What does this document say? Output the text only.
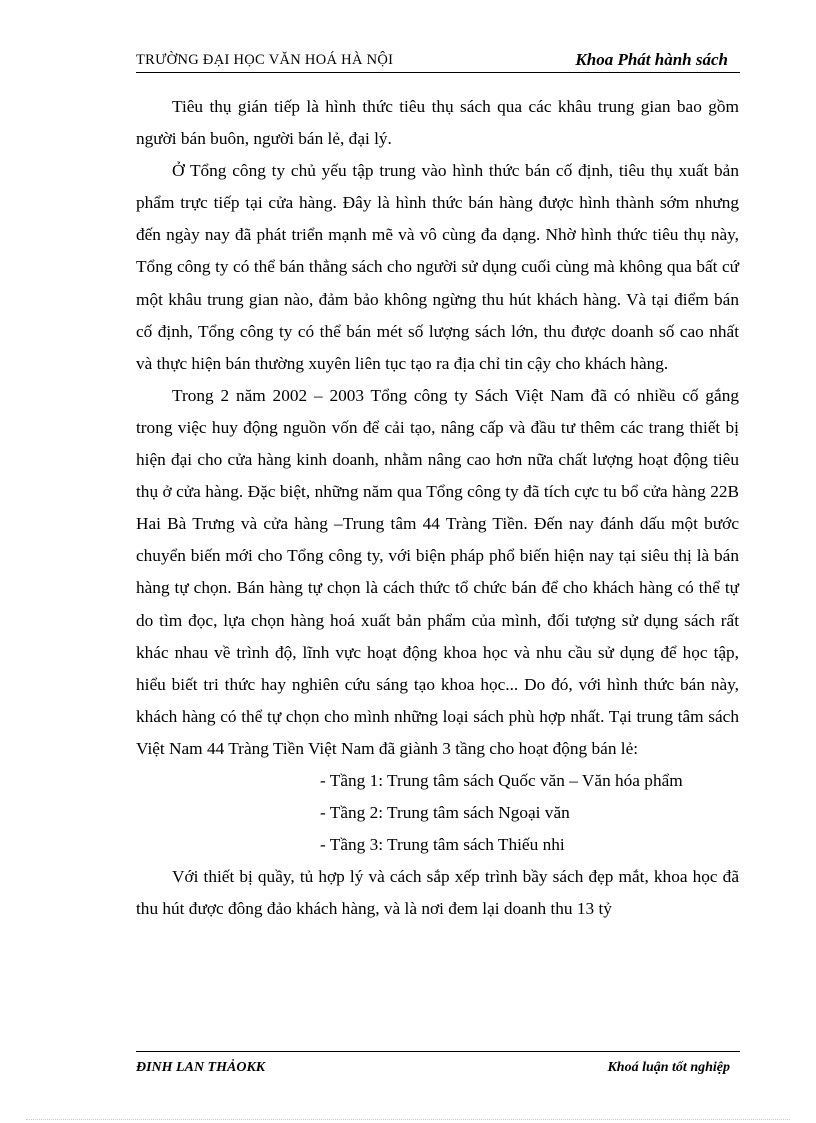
TRƯỜNG ĐẠI HỌC VĂN HOÁ HÀ NỘI	Khoa Phát hành sách

Tiêu thụ gián tiếp là hình thức tiêu thụ sách qua các khâu trung gian bao gồm người bán buôn, người bán lẻ, đại lý.

Ở Tổng công ty chủ yếu tập trung vào hình thức bán cố định, tiêu thụ xuất bản phẩm trực tiếp tại cửa hàng. Đây là hình thức bán hàng được hình thành sớm nhưng đến ngày nay đã phát triển mạnh mẽ và vô cùng đa dạng. Nhờ hình thức tiêu thụ này, Tổng công ty có thể bán thẳng sách cho người sử dụng cuối cùng mà không qua bất cứ một khâu trung gian nào, đảm bảo không ngừng thu hút khách hàng. Và tại điểm bán cố định, Tổng công ty có thể bán mét số lượng sách lớn, thu được doanh số cao nhất và thực hiện bán thường xuyên liên tục tạo ra địa chỉ tin cậy cho khách hàng.

Trong 2 năm 2002 – 2003 Tổng công ty Sách Việt Nam đã có nhiều cố gắng trong việc huy động nguồn vốn để cải tạo, nâng cấp và đầu tư thêm các trang thiết bị hiện đại cho cửa hàng kinh doanh, nhằm nâng cao hơn nữa chất lượng hoạt động tiêu thụ ở cửa hàng. Đặc biệt, những năm qua Tổng công ty đã tích cực tu bổ cửa hàng 22B Hai Bà Trưng và cửa hàng –Trung tâm 44 Tràng Tiền. Đến nay đánh dấu một bước chuyển biến mới cho Tổng công ty, với biện pháp phổ biến hiện nay tại siêu thị là bán hàng tự chọn. Bán hàng tự chọn là cách thức tổ chức bán để cho khách hàng có thể tự do tìm đọc, lựa chọn hàng hoá xuất bản phẩm của mình, đối tượng sử dụng sách rất khác nhau về trình độ, lĩnh vực hoạt động khoa học và nhu cầu sử dụng để học tập, hiểu biết tri thức hay nghiên cứu sáng tạo khoa học... Do đó, với hình thức bán này, khách hàng có thể tự chọn cho mình những loại sách phù hợp nhất. Tại trung tâm sách Việt Nam 44 Tràng Tiền Việt Nam đã giành 3 tầng cho hoạt động bán lẻ:

- Tầng 1: Trung tâm sách Quốc văn – Văn hóa phẩm

- Tầng 2: Trung tâm sách Ngoại văn

- Tầng 3: Trung tâm sách Thiếu nhi

Với thiết bị quầy, tủ hợp lý và cách sắp xếp trình bầy sách đẹp mắt, khoa học đã thu hút được đông đảo khách hàng, và là nơi đem lại doanh thu 13 tỷ

ĐINH LAN THẢOKK	Khoá luận tốt nghiệp
